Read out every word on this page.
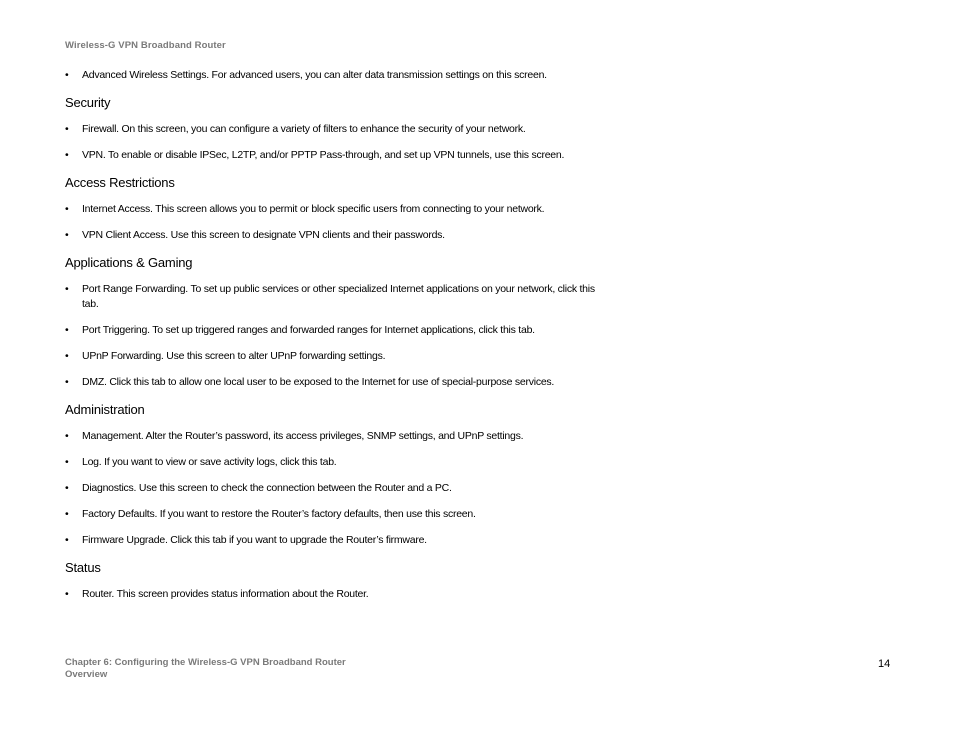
Wireless-G VPN Broadband Router
• Advanced Wireless Settings. For advanced users, you can alter data transmission settings on this screen.
Security
• Firewall. On this screen, you can configure a variety of filters to enhance the security of your network.
• VPN. To enable or disable IPSec, L2TP, and/or PPTP Pass-through, and set up VPN tunnels, use this screen.
Access Restrictions
• Internet Access. This screen allows you to permit or block specific users from connecting to your network.
• VPN Client Access. Use this screen to designate VPN clients and their passwords.
Applications & Gaming
• Port Range Forwarding. To set up public services or other specialized Internet applications on your network, click this tab.
• Port Triggering. To set up triggered ranges and forwarded ranges for Internet applications, click this tab.
• UPnP Forwarding. Use this screen to alter UPnP forwarding settings.
• DMZ. Click this tab to allow one local user to be exposed to the Internet for use of special-purpose services.
Administration
• Management. Alter the Router’s password, its access privileges, SNMP settings, and UPnP settings.
• Log. If you want to view or save activity logs, click this tab.
• Diagnostics. Use this screen to check the connection between the Router and a PC.
• Factory Defaults. If you want to restore the Router’s factory defaults, then use this screen.
• Firmware Upgrade. Click this tab if you want to upgrade the Router’s firmware.
Status
• Router. This screen provides status information about the Router.
Chapter 6: Configuring the Wireless-G VPN Broadband Router
Overview
14
